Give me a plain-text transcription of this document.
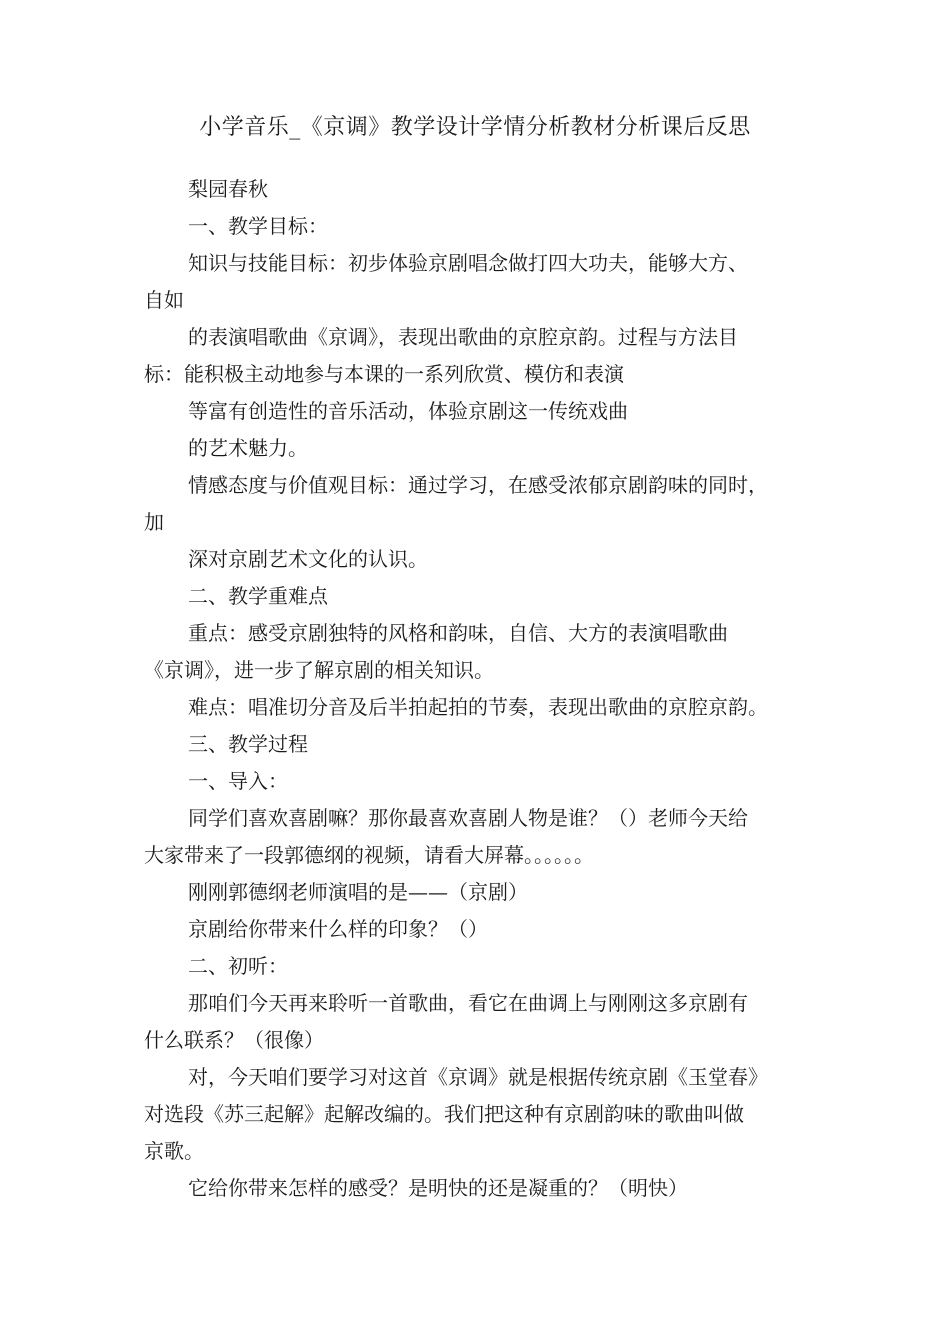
小学音乐_《京调》教学设计学情分析教材分析课后反思

梨园春秋

一、教学目标：

知识与技能目标：初步体验京剧唱念做打四大功夫，能够大方、

自如

的表演唱歌曲《京调》，表现出歌曲的京腔京韵。过程与方法目

标：能积极主动地参与本课的一系列欣赏、模仿和表演

等富有创造性的音乐活动，体验京剧这一传统戏曲

的艺术魅力。

情感态度与价值观目标：通过学习，在感受浓郁京剧韵味的同时，

加

深对京剧艺术文化的认识。

二、教学重难点

重点：感受京剧独特的风格和韵味，自信、大方的表演唱歌曲

《京调》，进一步了解京剧的相关知识。

难点：唱准切分音及后半拍起拍的节奏，表现出歌曲的京腔京韵。

三、教学过程

一、导入：

同学们喜欢喜剧嘛？那你最喜欢喜剧人物是谁？（）老师今天给

大家带来了一段郭德纲的视频，请看大屏幕。。。。。。

刚刚郭德纲老师演唱的是——（京剧）

京剧给你带来什么样的印象？（）

二、初听：

那咱们今天再来聆听一首歌曲，看它在曲调上与刚刚这多京剧有

什么联系？（很像）

对，今天咱们要学习对这首《京调》就是根据传统京剧《玉堂春》

对选段《苏三起解》起解改编的。我们把这种有京剧韵味的歌曲叫做

京歌。

它给你带来怎样的感受？是明快的还是凝重的？（明快）
